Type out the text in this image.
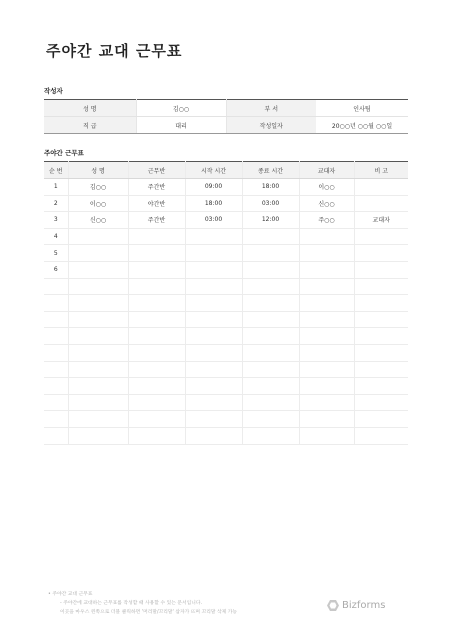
주야간 교대 근무표
작성자
성 명	김○○	부 서	인사팀
직 급	대리	작성일자	20○○년 ○○월 ○○일
주야간 근무표
순 번	성 명	근무반	시작 시간	종료 시간	교대자	비 고
1	김○○	주간반	09:00	18:00	이○○	
2	이○○	야간반	18:00	03:00	신○○	
3	신○○	주간반	03:00	12:00	주○○	교대자
4						
5						
6						

• 주야간 교대 근무표
- 주야간에 교대하는 근무표를 작성할 때 사용할 수 있는 문서입니다.
이곳을 마우스 왼쪽으로 더블 클릭하면 '머리말/꼬리말' 삽자가 뜨며 꼬리말 삭제 가능
Bizforms
